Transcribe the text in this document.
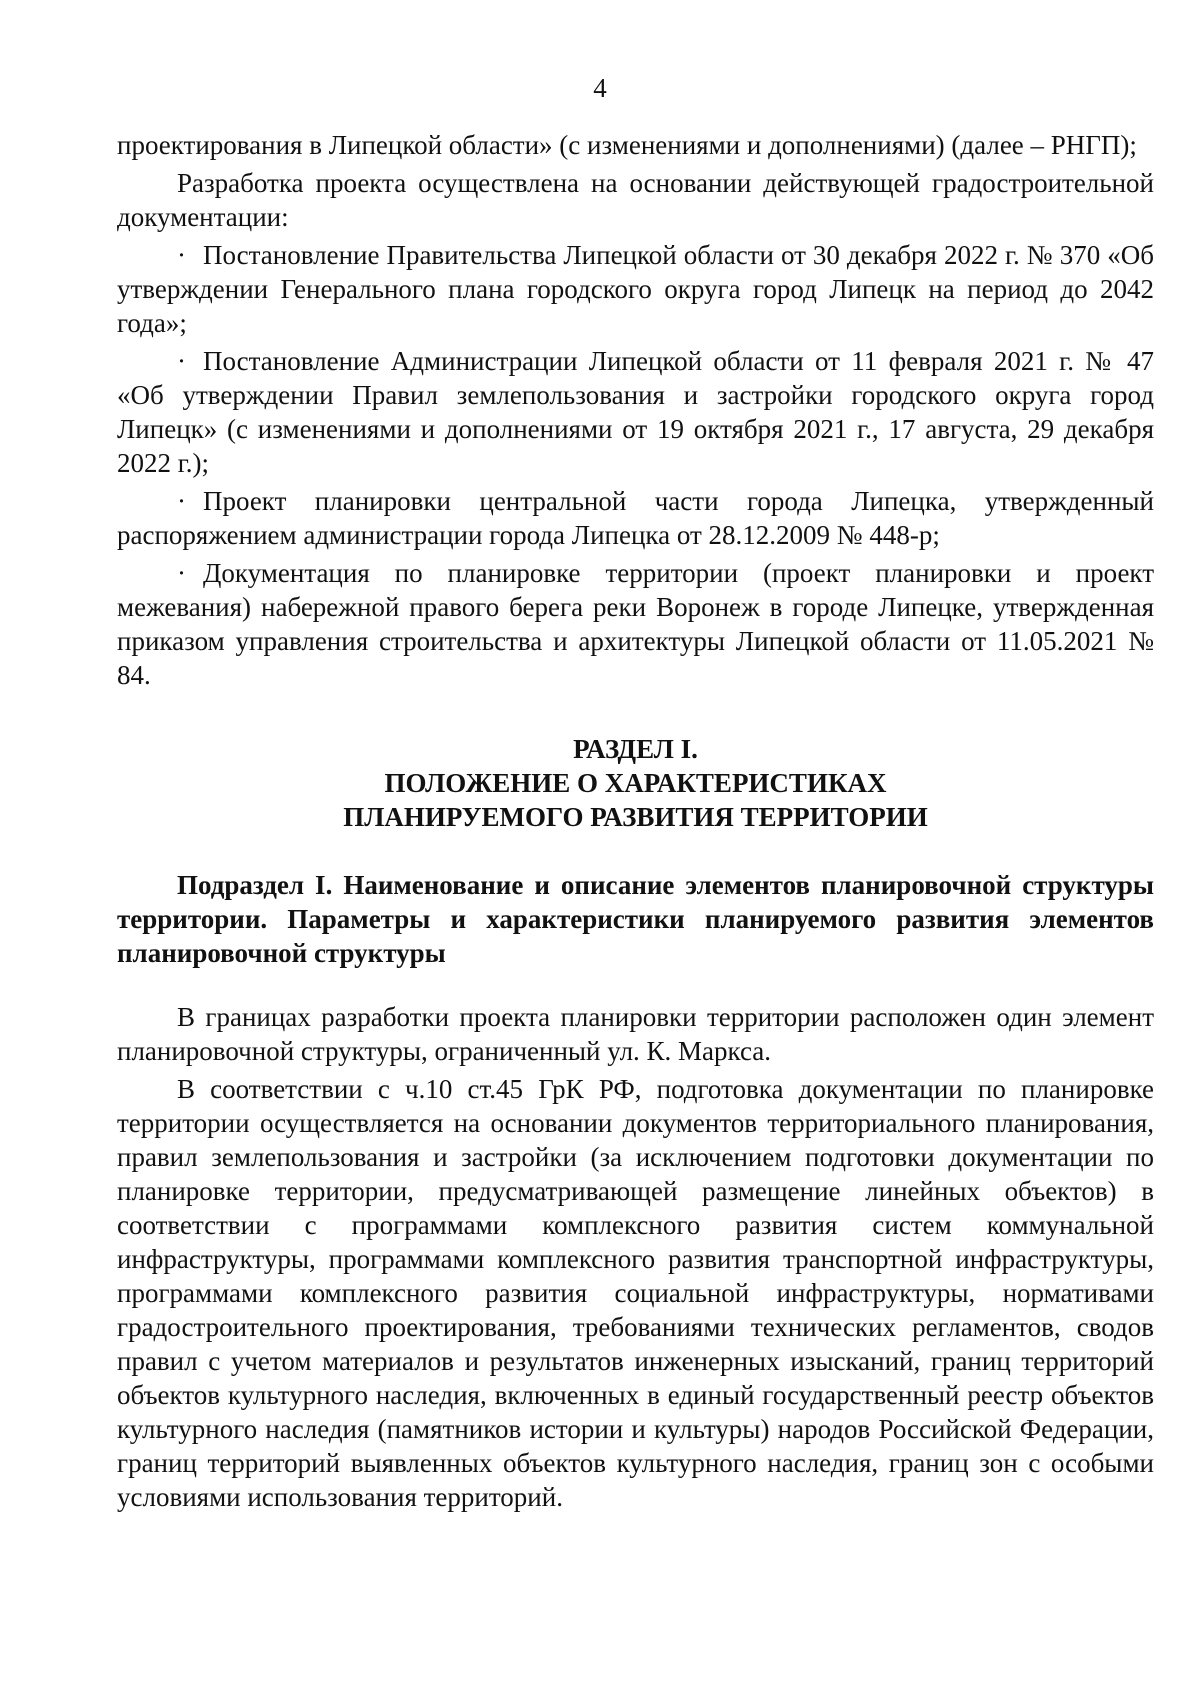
4

проектирования в Липецкой области» (с изменениями и дополнениями) (далее – РНГП);

Разработка проекта осуществлена на основании действующей градостроительной документации:

· Постановление Правительства Липецкой области от 30 декабря 2022 г. № 370 «Об утверждении Генерального плана городского округа город Липецк на период до 2042 года»;

· Постановление Администрации Липецкой области от 11 февраля 2021 г. № 47 «Об утверждении Правил землепользования и застройки городского округа город Липецк» (с изменениями и дополнениями от 19 октября 2021 г., 17 августа, 29 декабря 2022 г.);

· Проект планировки центральной части города Липецка, утвержденный распоряжением администрации города Липецка от 28.12.2009 № 448-р;

· Документация по планировке территории (проект планировки и проект межевания) набережной правого берега реки Воронеж в городе Липецке, утвержденная приказом управления строительства и архитектуры Липецкой области от 11.05.2021 № 84.

РАЗДЕЛ I.
ПОЛОЖЕНИЕ О ХАРАКТЕРИСТИКАХ
ПЛАНИРУЕМОГО РАЗВИТИЯ ТЕРРИТОРИИ

Подраздел I. Наименование и описание элементов планировочной структуры территории. Параметры и характеристики планируемого развития элементов планировочной структуры

В границах разработки проекта планировки территории расположен один элемент планировочной структуры, ограниченный ул. К. Маркса.

В соответствии с ч.10 ст.45 ГрК РФ, подготовка документации по планировке территории осуществляется на основании документов территориального планирования, правил землепользования и застройки (за исключением подготовки документации по планировке территории, предусматривающей размещение линейных объектов) в соответствии с программами комплексного развития систем коммунальной инфраструктуры, программами комплексного развития транспортной инфраструктуры, программами комплексного развития социальной инфраструктуры, нормативами градостроительного проектирования, требованиями технических регламентов, сводов правил с учетом материалов и результатов инженерных изысканий, границ территорий объектов культурного наследия, включенных в единый государственный реестр объектов культурного наследия (памятников истории и культуры) народов Российской Федерации, границ территорий выявленных объектов культурного наследия, границ зон с особыми условиями использования территорий.
